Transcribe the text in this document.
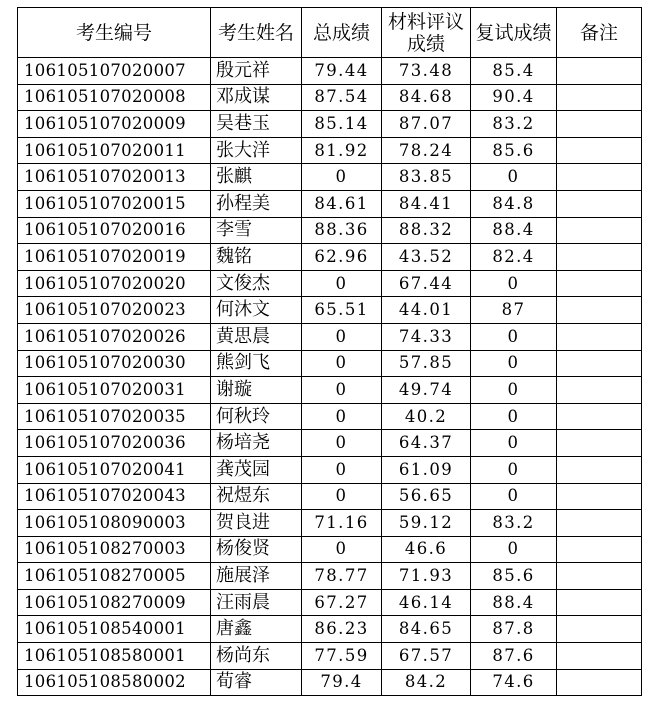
考生编号	考生姓名	总成绩	材料评议成绩	复试成绩	备注
106105107020007	殷元祥	79.44	73.48	85.4	
106105107020008	邓成谋	87.54	84.68	90.4	
106105107020009	吴巷玉	85.14	87.07	83.2	
106105107020011	张大洋	81.92	78.24	85.6	
106105107020013	张麒	0	83.85	0	
106105107020015	孙程美	84.61	84.41	84.8	
106105107020016	李雪	88.36	88.32	88.4	
106105107020019	魏铭	62.96	43.52	82.4	
106105107020020	文俊杰	0	67.44	0	
106105107020023	何沐文	65.51	44.01	87	
106105107020026	黄思晨	0	74.33	0	
106105107020030	熊剑飞	0	57.85	0	
106105107020031	谢璇	0	49.74	0	
106105107020035	何秋玲	0	40.2	0	
106105107020036	杨培尧	0	64.37	0	
106105107020041	龚茂园	0	61.09	0	
106105107020043	祝煜东	0	56.65	0	
106105108090003	贺良进	71.16	59.12	83.2	
106105108270003	杨俊贤	0	46.6	0	
106105108270005	施展泽	78.77	71.93	85.6	
106105108270009	汪雨晨	67.27	46.14	88.4	
106105108540001	唐鑫	86.23	84.65	87.8	
106105108580001	杨尚东	77.59	67.57	87.6	
106105108580002	荀睿	79.4	84.2	74.6	
